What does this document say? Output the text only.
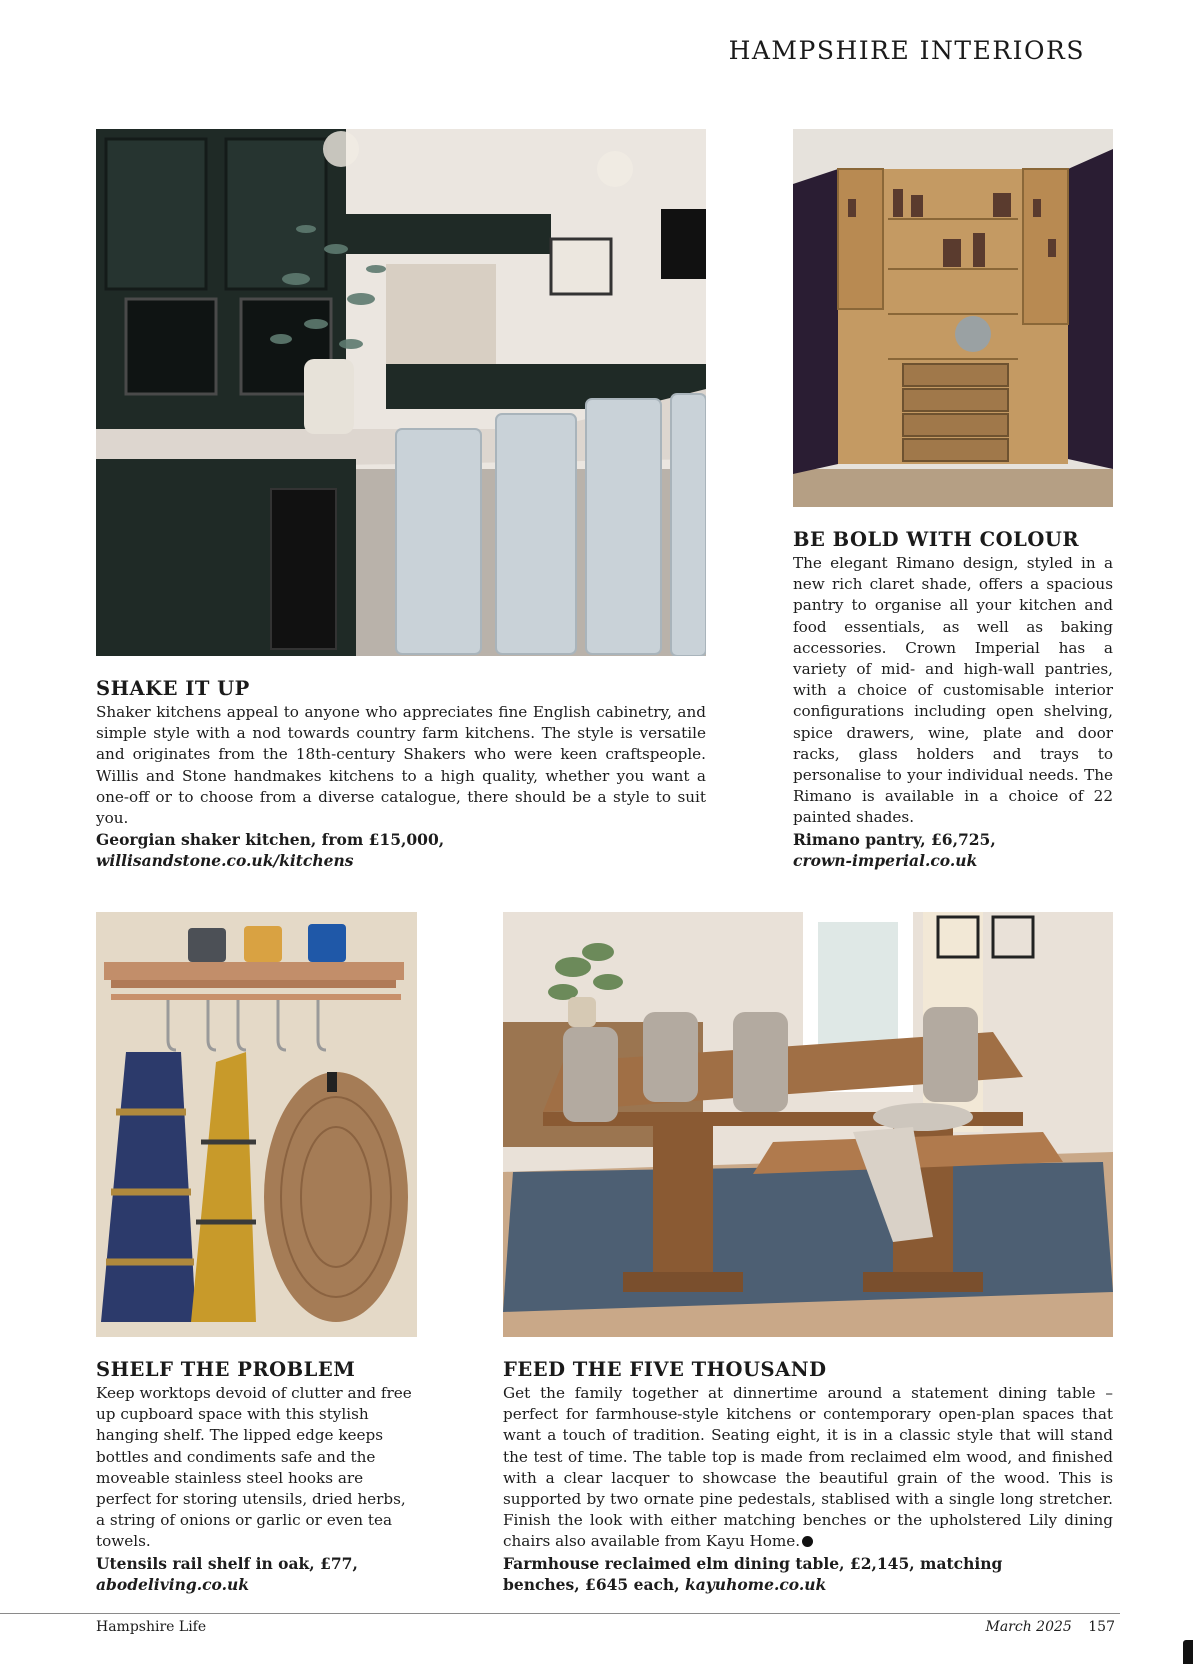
HAMPSHIRE INTERIORS
SHAKE IT UP

Shaker kitchens appeal to anyone who appreciates fine English cabinetry, and simple style with a nod towards country farm kitchens. The style is versatile and originates from the 18th-century Shakers who were keen craftspeople. Willis and Stone handmakes kitchens to a high quality, whether you want a one-off or to choose from a diverse catalogue, there should be a style to suit you.

Georgian shaker kitchen, from £15,000, willisandstone.co.uk/kitchens
BE BOLD WITH COLOUR

The elegant Rimano design, styled in a new rich claret shade, offers a spacious pantry to organise all your kitchen and food essentials, as well as baking accessories. Crown Imperial has a variety of mid- and high-wall pantries, with a choice of customisable interior configurations including open shelving, spice drawers, wine, plate and door racks, glass holders and trays to personalise to your individual needs. The Rimano is available in a choice of 22 painted shades.

Rimano pantry, £6,725,
crown-imperial.co.uk
SHELF THE PROBLEM

Keep worktops devoid of clutter and free up cupboard space with this stylish hanging shelf. The lipped edge keeps bottles and condiments safe and the moveable stainless steel hooks are perfect for storing utensils, dried herbs, a string of onions or garlic or even tea towels.

Utensils rail shelf in oak, £77,
abodeliving.co.uk
FEED THE FIVE THOUSAND

Get the family together at dinnertime around a statement dining table – perfect for farmhouse-style kitchens or contemporary open-plan spaces that want a touch of tradition. Seating eight, it is in a classic style that will stand the test of time. The table top is made from reclaimed elm wood, and finished with a clear lacquer to showcase the beautiful grain of the wood. This is supported by two ornate pine pedestals, stablised with a single long stretcher. Finish the look with either matching benches or the upholstered Lily dining chairs also available from Kayu Home.

Farmhouse reclaimed elm dining table, £2,145, matching benches, £645 each, kayuhome.co.uk
Hampshire Life	March 2025 157
